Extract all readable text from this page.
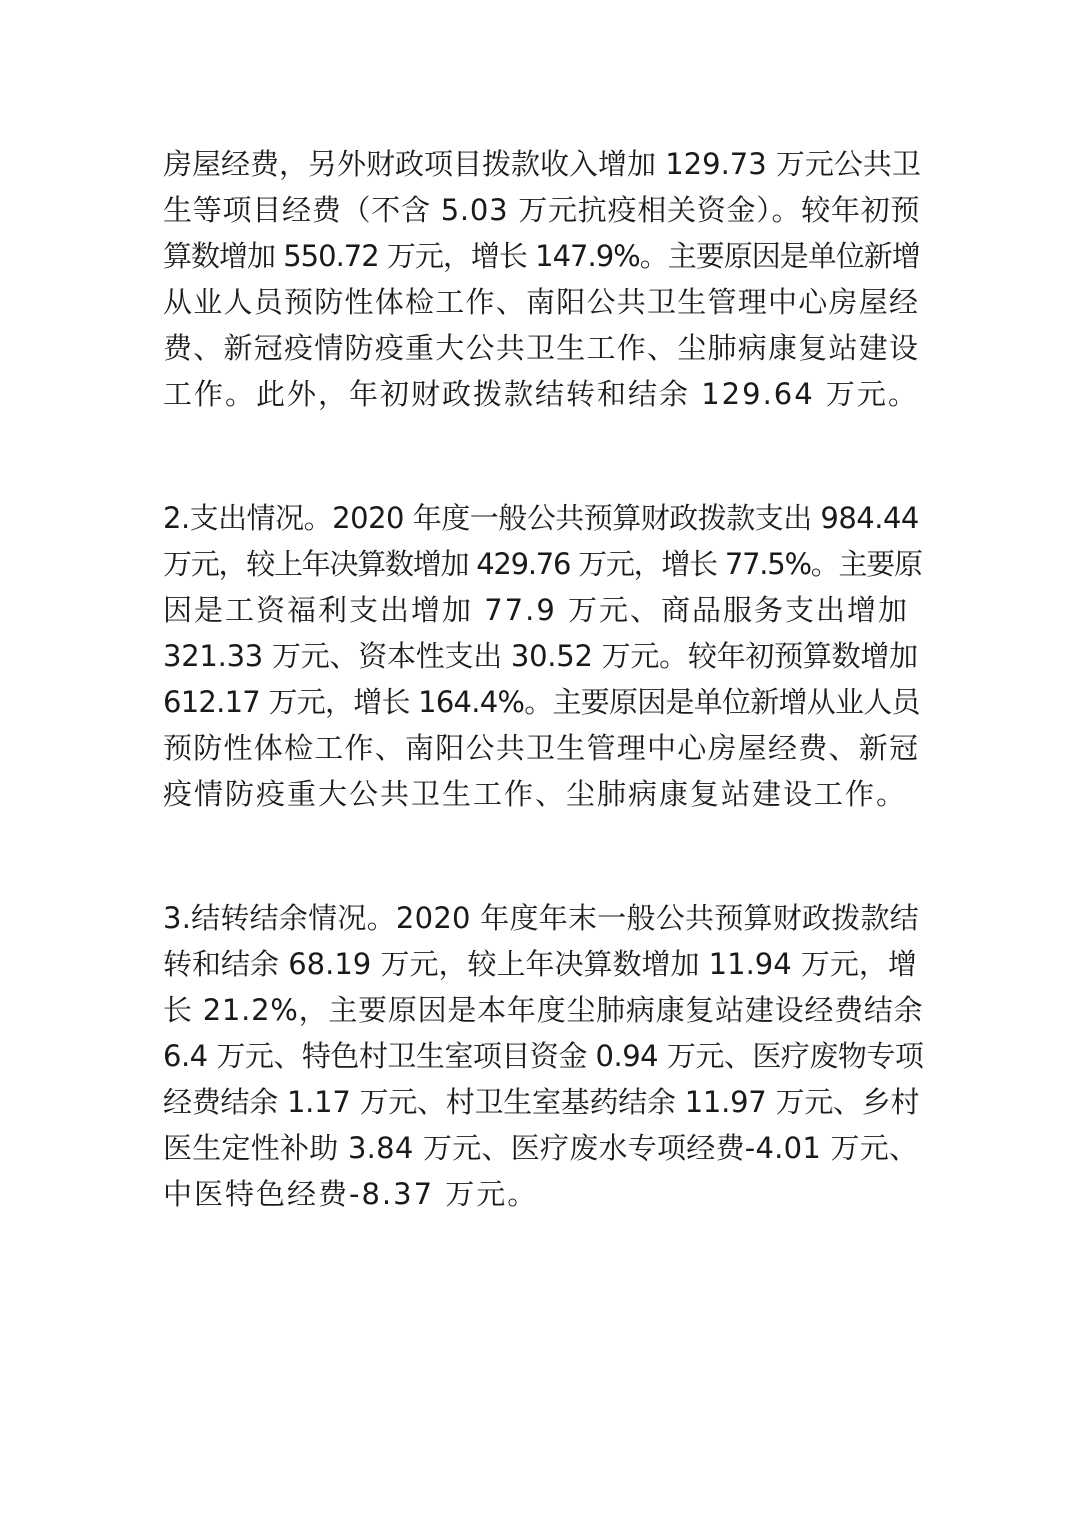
房屋经费，另外财政项目拨款收入增加 129.73 万元公共卫
生等项目经费（不含 5.03 万元抗疫相关资金）。较年初预
算数增加 550.72 万元，增长 147.9%。主要原因是单位新增
从业人员预防性体检工作、南阳公共卫生管理中心房屋经
费、新冠疫情防疫重大公共卫生工作、尘肺病康复站建设
工作。此外，年初财政拨款结转和结余 129.64 万元。
2.支出情况。2020 年度一般公共预算财政拨款支出 984.44
万元，较上年决算数增加 429.76 万元，增长 77.5%。主要原
因是工资福利支出增加 77.9 万元、商品服务支出增加
321.33 万元、资本性支出 30.52 万元。较年初预算数增加
612.17 万元，增长 164.4%。主要原因是单位新增从业人员
预防性体检工作、南阳公共卫生管理中心房屋经费、新冠
疫情防疫重大公共卫生工作、尘肺病康复站建设工作。
3.结转结余情况。2020 年度年末一般公共预算财政拨款结
转和结余 68.19 万元，较上年决算数增加 11.94 万元，增
长 21.2%，主要原因是本年度尘肺病康复站建设经费结余
6.4 万元、特色村卫生室项目资金 0.94 万元、医疗废物专项
经费结余 1.17 万元、村卫生室基药结余 11.97 万元、乡村
医生定性补助 3.84 万元、医疗废水专项经费-4.01 万元、
中医特色经费-8.37 万元。
